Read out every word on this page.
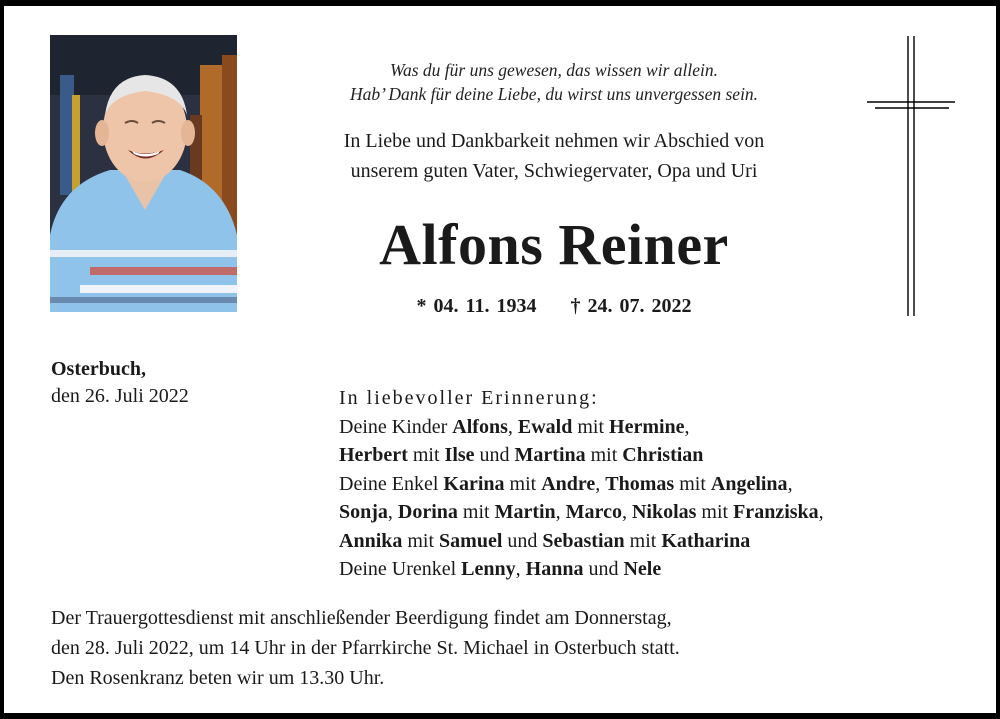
Was du für uns gewesen, das wissen wir allein.
Hab’ Dank für deine Liebe, du wirst uns unvergessen sein.
In Liebe und Dankbarkeit nehmen wir Abschied von
unserem guten Vater, Schwiegervater, Opa und Uri
Alfons Reiner
* 04. 11. 1934 † 24. 07. 2022
Osterbuch,
den 26. Juli 2022	In liebevoller Erinnerung:
Deine Kinder Alfons, Ewald mit Hermine,
Herbert mit Ilse und Martina mit Christian
Deine Enkel Karina mit Andre, Thomas mit Angelina,
Sonja, Dorina mit Martin, Marco, Nikolas mit Franziska,
Annika mit Samuel und Sebastian mit Katharina
Deine Urenkel Lenny, Hanna und Nele
Der Trauergottesdienst mit anschließender Beerdigung findet am Donnerstag,
den 28. Juli 2022, um 14 Uhr in der Pfarrkirche St. Michael in Osterbuch statt.
Den Rosenkranz beten wir um 13.30 Uhr.
